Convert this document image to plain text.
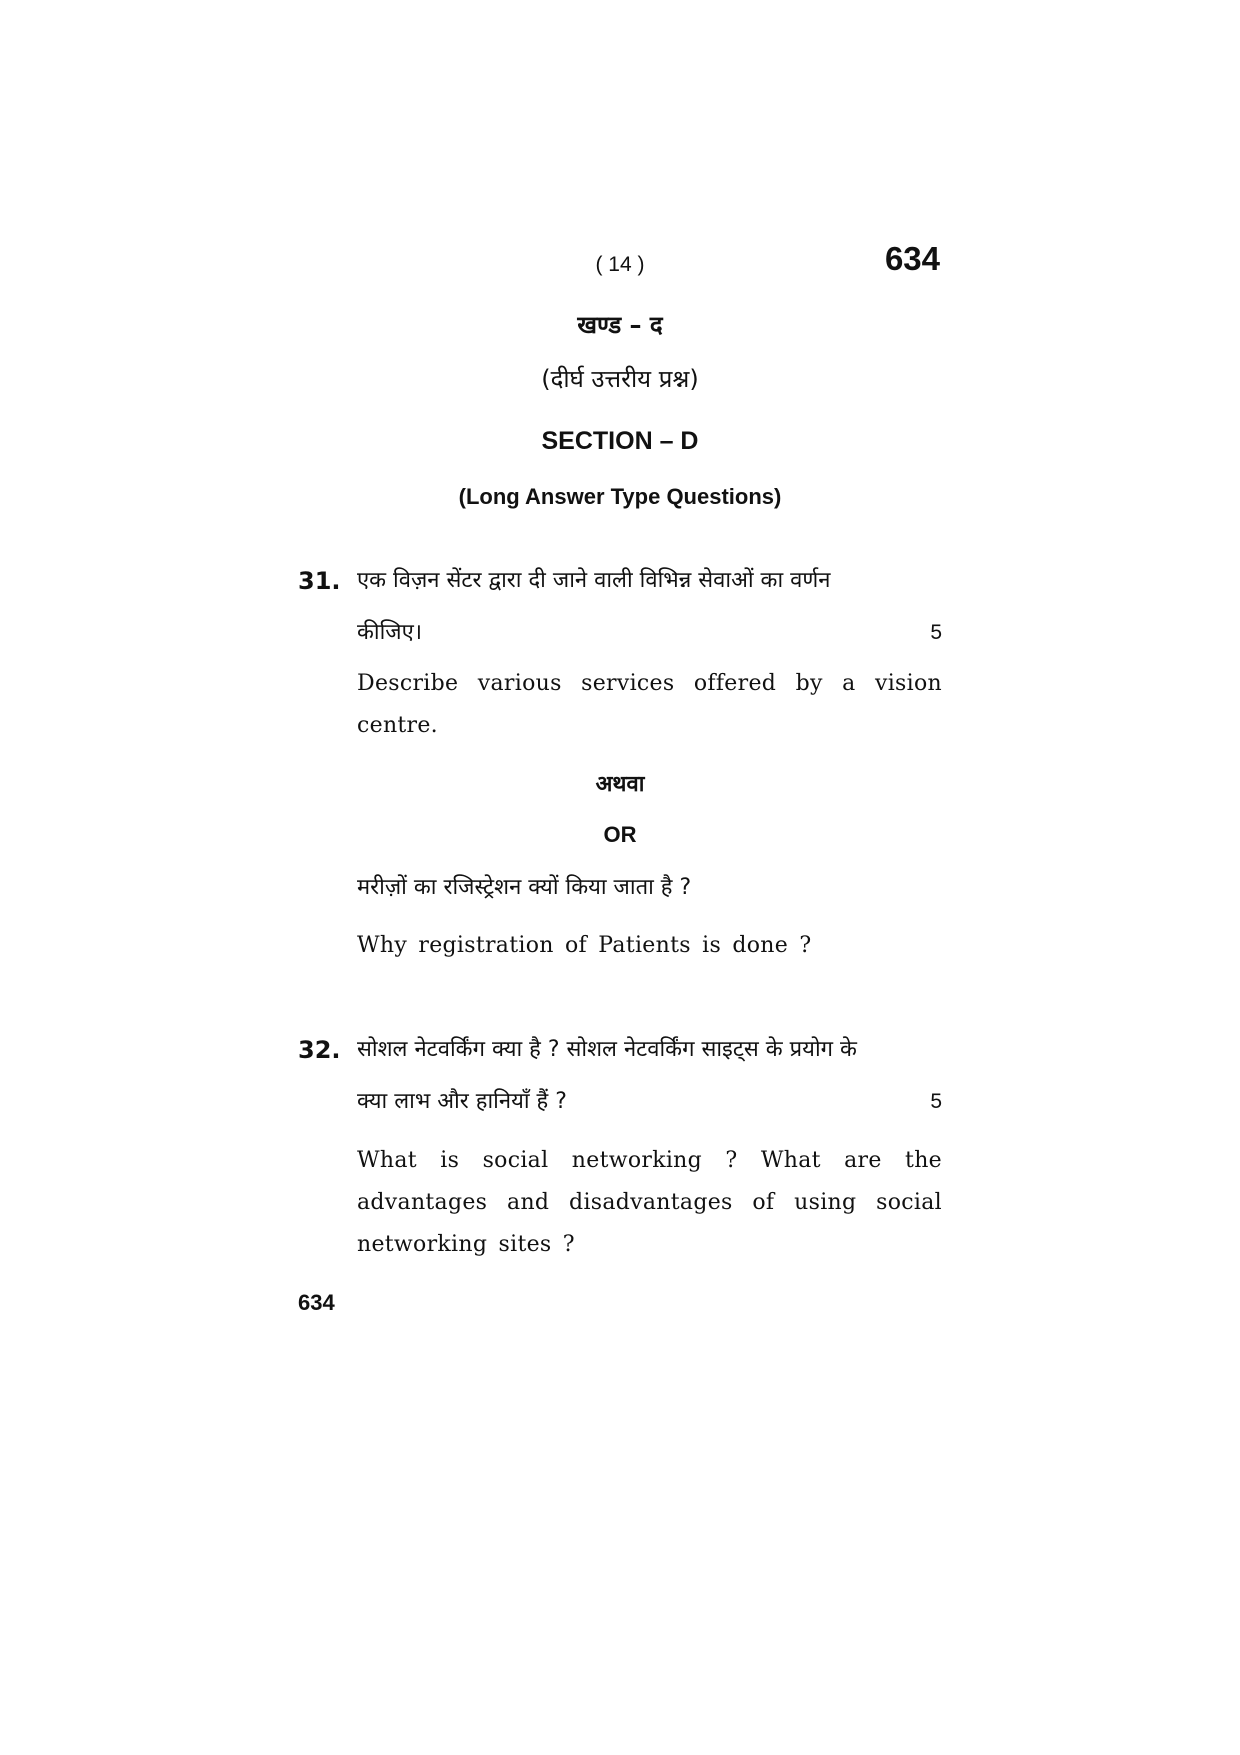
( 14 )	634
खण्ड – द
(दीर्घ उत्तरीय प्रश्न)
SECTION – D
(Long Answer Type Questions)
31. एक विज़न सेंटर द्वारा दी जाने वाली विभिन्न सेवाओं का वर्णन
कीजिए।	5
Describe various services offered by a vision centre.
अथवा
OR
मरीज़ों का रजिस्ट्रेशन क्यों किया जाता है ?
Why registration of Patients is done ?
32. सोशल नेटवर्किंग क्या है ? सोशल नेटवर्किंग साइट्स के प्रयोग के
क्या लाभ और हानियाँ हैं ?	5
What is social networking ? What are the advantages and disadvantages of using social networking sites ?
634
